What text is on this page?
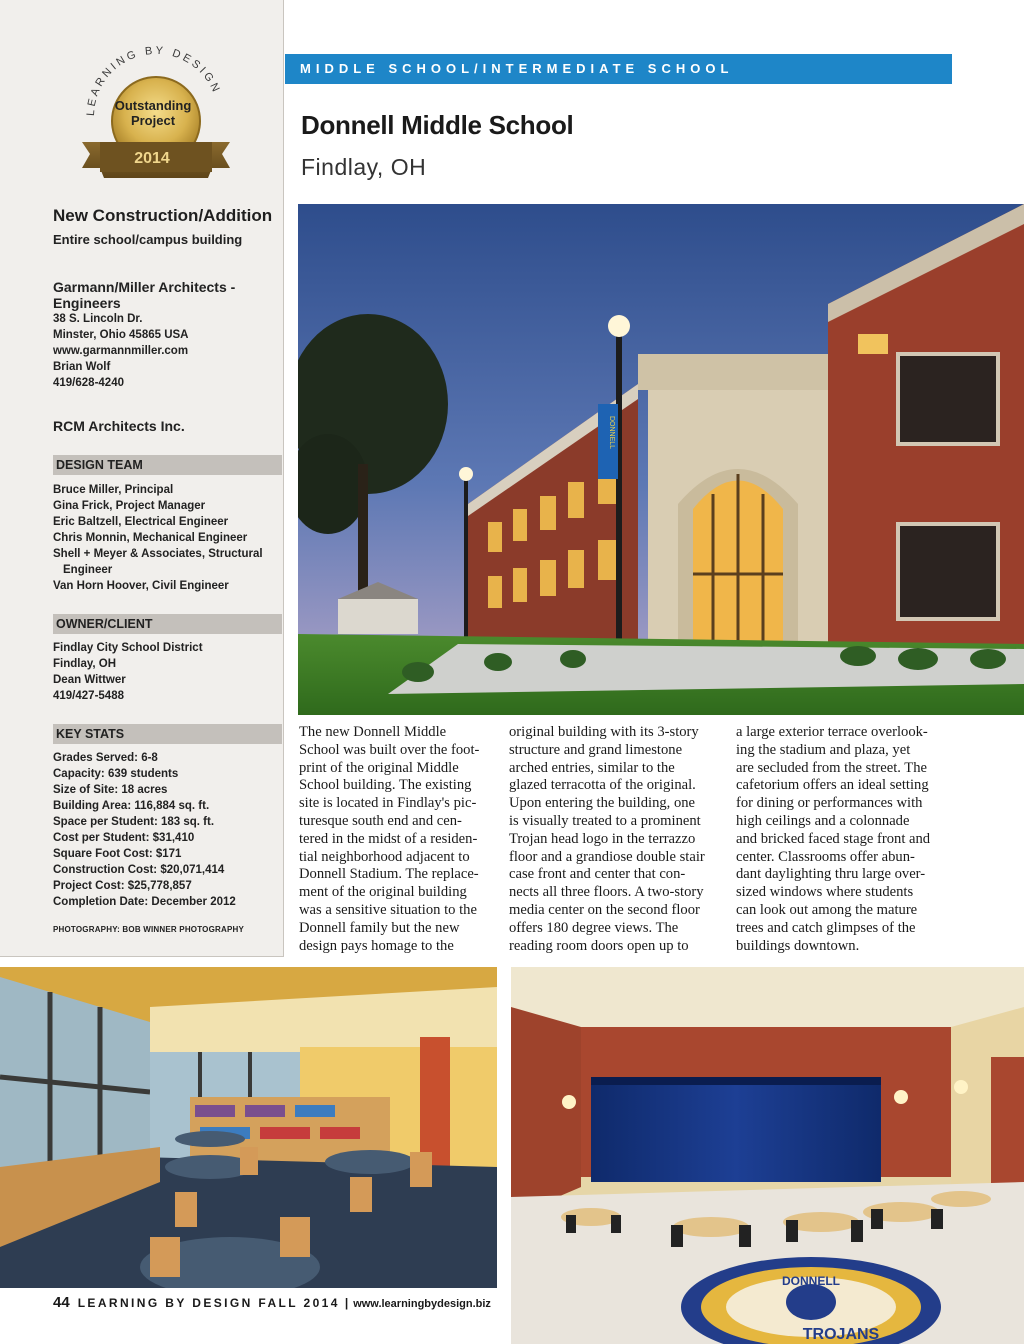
LEARNING BY DESIGN
Outstanding
Project
2014
New Construction/Addition
Entire school/campus building
Garmann/Miller Architects -
Engineers
38 S. Lincoln Dr.
Minster, Ohio 45865 USA
www.garmannmiller.com
Brian Wolf
419/628-4240
RCM Architects Inc.
DESIGN TEAM
Bruce Miller, Principal
Gina Frick, Project Manager
Eric Baltzell, Electrical Engineer
Chris Monnin, Mechanical Engineer
Shell + Meyer & Associates, Structural
Engineer
Van Horn Hoover, Civil Engineer
OWNER/CLIENT
Findlay City School District
Findlay, OH
Dean Wittwer
419/427-5488
KEY STATS
Grades Served: 6-8
Capacity: 639 students
Size of Site: 18 acres
Building Area: 116,884 sq. ft.
Space per Student: 183 sq. ft.
Cost per Student: $31,410
Square Foot Cost: $171
Construction Cost: $20,071,414
Project Cost: $25,778,857
Completion Date: December 2012
PHOTOGRAPHY: BOB WINNER PHOTOGRAPHY
MIDDLE SCHOOL/INTERMEDIATE SCHOOL
Donnell Middle School
Findlay, OH
DONNELL
The new Donnell Middle
School was built over the foot-
print of the original Middle
School building. The existing
site is located in Findlay's pic-
turesque south end and cen-
tered in the midst of a residen-
tial neighborhood adjacent to
Donnell Stadium. The replace-
ment of the original building
was a sensitive situation to the
Donnell family but the new
design pays homage to the
original building with its 3-story
structure and grand limestone
arched entries, similar to the
glazed terracotta of the original.
Upon entering the building, one
is visually treated to a prominent
Trojan head logo in the terrazzo
floor and a grandiose double stair
case front and center that con-
nects all three floors. A two-story
media center on the second floor
offers 180 degree views. The
reading room doors open up to
a large exterior terrace overlook-
ing the stadium and plaza, yet
are secluded from the street. The
cafetorium offers an ideal setting
for dining or performances with
high ceilings and a colonnade
and bricked faced stage front and
center. Classrooms offer abun-
dant daylighting thru large over-
sized windows where students
can look out among the mature
trees and catch glimpses of the
buildings downtown.
DONNELL
TROJANS
44 LEARNING BY DESIGN FALL 2014 | www.learningbydesign.biz
